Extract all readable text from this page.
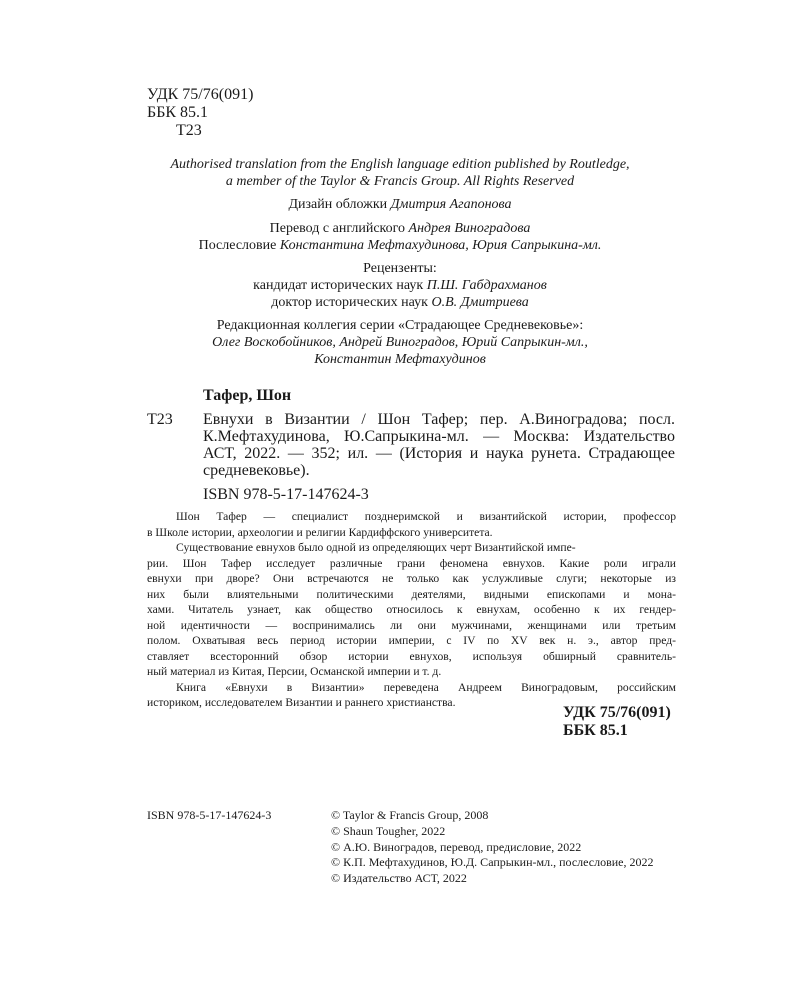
УДК 75/76(091)
ББК 85.1
Т23
Authorised translation from the English language edition published by Routledge,
a member of the Taylor & Francis Group. All Rights Reserved
Дизайн обложки Дмитрия Агапонова
Перевод с английского Андрея Виноградова
Послесловие Константина Мефтахудинова, Юрия Сапрыкина-мл.
Рецензенты:
кандидат исторических наук П.Ш. Габдрахманов
доктор исторических наук О.В. Дмитриева
Редакционная коллегия серии «Страдающее Средневековье»:
Олег Воскобойников, Андрей Виноградов, Юрий Сапрыкин-мл.,
Константин Мефтахудинов
Тафер, Шон
Т23 Евнухи в Византии / Шон Тафер; пер. А.Виноградова; посл.
К.Мефтахудинова, Ю.Сапрыкина-мл. — Москва: Издательство
АСТ, 2022. — 352; ил. — (История и наука рунета. Страдающее
средневековье).
ISBN 978-5-17-147624-3
Шон Тафер — специалист позднеримской и византийской истории, профессор
в Школе истории, археологии и религии Кардиффского университета.
Существование евнухов было одной из определяющих черт Византийской импе-
рии. Шон Тафер исследует различные грани феномена евнухов. Какие роли играли
евнухи при дворе? Они встречаются не только как услужливые слуги; некоторые из
них были влиятельными политическими деятелями, видными епископами и мона-
хами. Читатель узнает, как общество относилось к евнухам, особенно к их гендер-
ной идентичности — воспринимались ли они мужчинами, женщинами или третьим
полом. Охватывая весь период истории империи, с IV по XV век н. э., автор пред-
ставляет всесторонний обзор истории евнухов, используя обширный сравнитель-
ный материал из Китая, Персии, Османской империи и т. д.
Книга «Евнухи в Византии» переведена Андреем Виноградовым, российским
историком, исследователем Византии и раннего христианства.
УДК 75/76(091)
ББК 85.1
ISBN 978-5-17-147624-3	© Taylor & Francis Group, 2008
© Shaun Tougher, 2022
© А.Ю. Виноградов, перевод, предисловие, 2022
© К.П. Мефтахудинов, Ю.Д. Сапрыкин-мл., послесловие, 2022
© Издательство АСТ, 2022
